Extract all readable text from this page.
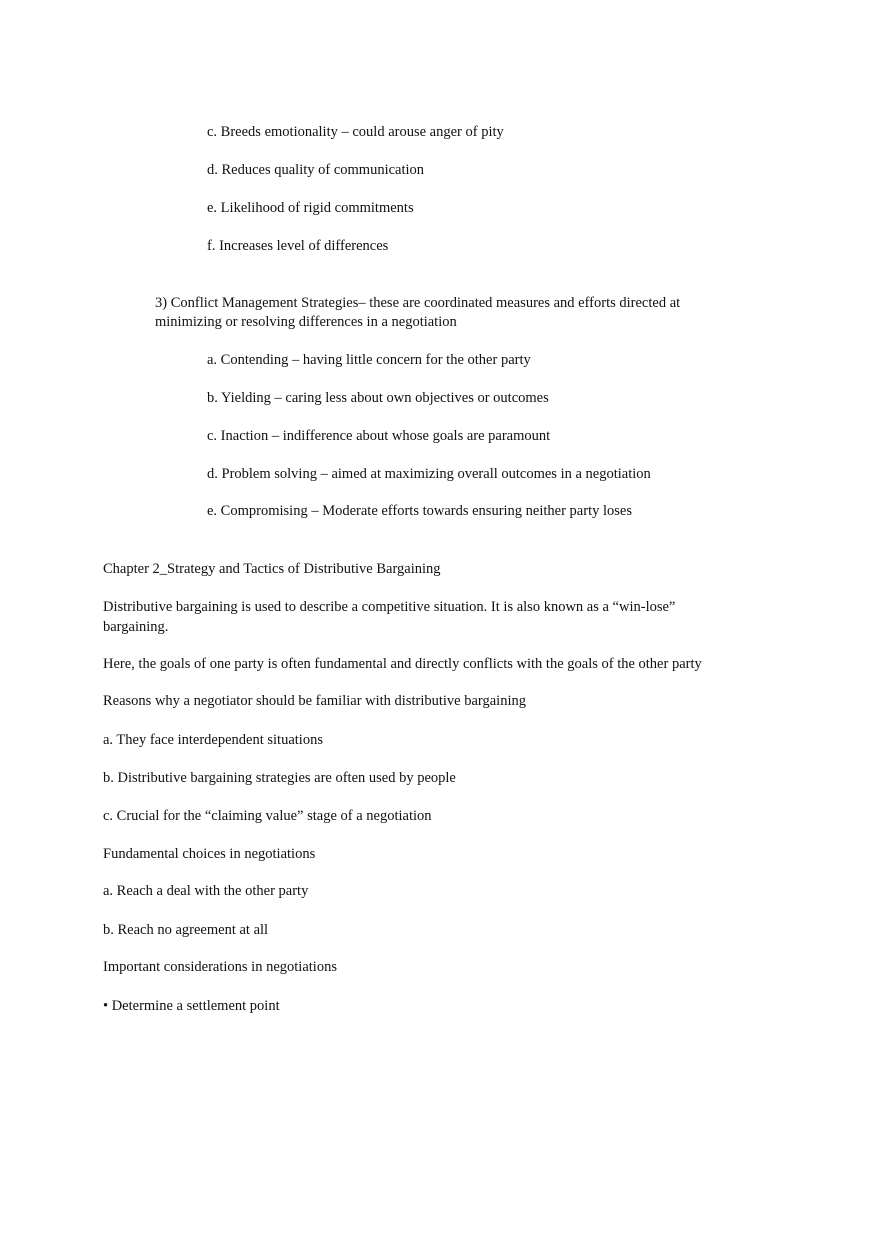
c. Breeds emotionality – could arouse anger of pity
d. Reduces quality of communication
e. Likelihood of rigid commitments
f. Increases level of differences
3) Conflict Management Strategies– these are coordinated measures and efforts directed at
minimizing or resolving differences in a negotiation
a. Contending – having little concern for the other party
b. Yielding – caring less about own objectives or outcomes
c. Inaction – indifference about whose goals are paramount
d. Problem solving – aimed at maximizing overall outcomes in a negotiation
e. Compromising – Moderate efforts towards ensuring neither party loses
Chapter 2_Strategy and Tactics of Distributive Bargaining
Distributive bargaining is used to describe a competitive situation. It is also known as a “win-lose”
bargaining.
Here, the goals of one party is often fundamental and directly conflicts with the goals of the other party
Reasons why a negotiator should be familiar with distributive bargaining
a. They face interdependent situations
b. Distributive bargaining strategies are often used by people
c. Crucial for the “claiming value” stage of a negotiation
Fundamental choices in negotiations
a. Reach a deal with the other party
b. Reach no agreement at all
Important considerations in negotiations
• Determine a settlement point
